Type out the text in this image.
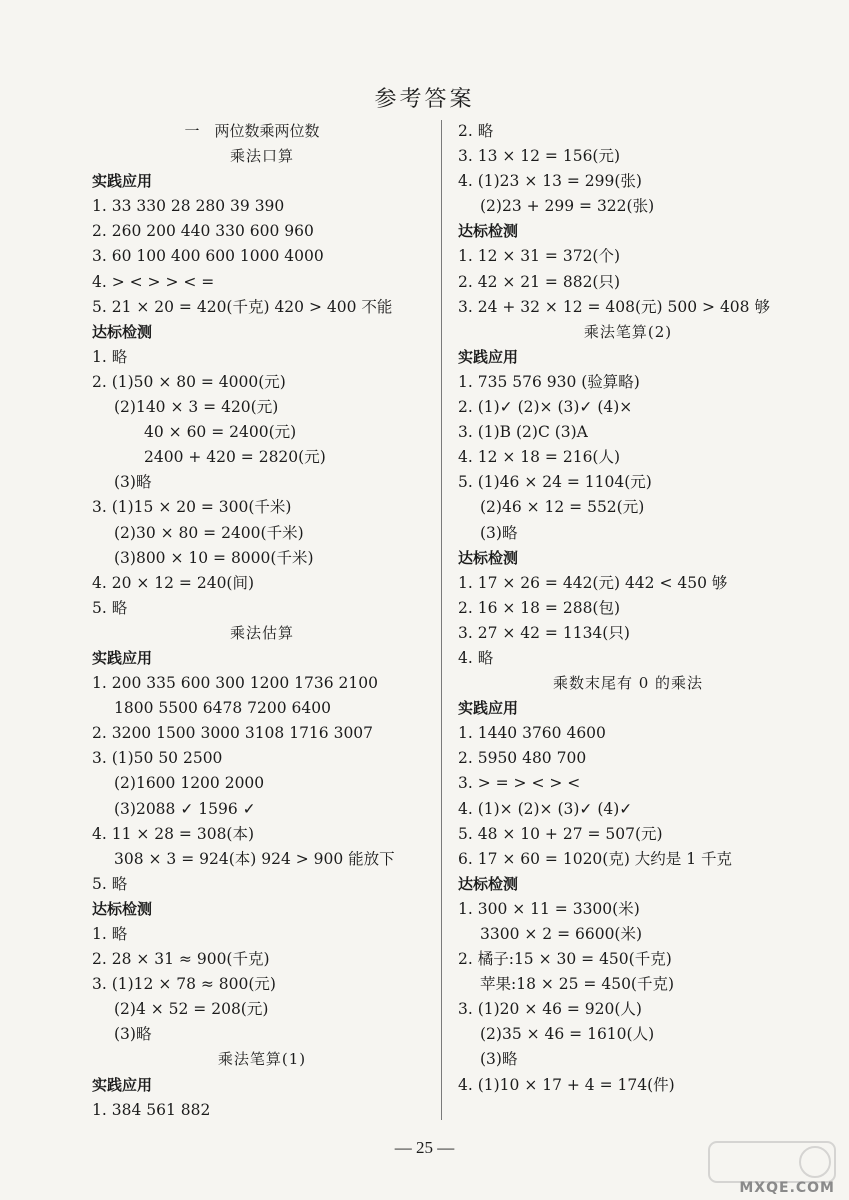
参考答案
一　两位数乘两位数
乘法口算
实践应用
1. 33 330 28 280 39 390
2. 260 200 440 330 600 960
3. 60 100 400 600 1000 4000
4. > < > > < =
5. 21 × 20 = 420(千克) 420 > 400 不能
达标检测
1. 略
2. (1)50 × 80 = 4000(元)
(2)140 × 3 = 420(元)
40 × 60 = 2400(元)
2400 + 420 = 2820(元)
(3)略
3. (1)15 × 20 = 300(千米)
(2)30 × 80 = 2400(千米)
(3)800 × 10 = 8000(千米)
4. 20 × 12 = 240(间)
5. 略
乘法估算
实践应用
1. 200 335 600 300 1200 1736 2100
1800 5500 6478 7200 6400
2. 3200 1500 3000 3108 1716 3007
3. (1)50 50 2500
(2)1600 1200 2000
(3)2088 ✓ 1596 ✓
4. 11 × 28 = 308(本)
308 × 3 = 924(本) 924 > 900 能放下
5. 略
达标检测
1. 略
2. 28 × 31 ≈ 900(千克)
3. (1)12 × 78 ≈ 800(元)
(2)4 × 52 = 208(元)
(3)略
乘法笔算(1)
实践应用
1. 384 561 882
2. 略
3. 13 × 12 = 156(元)
4. (1)23 × 13 = 299(张)
(2)23 + 299 = 322(张)
达标检测
1. 12 × 31 = 372(个)
2. 42 × 21 = 882(只)
3. 24 + 32 × 12 = 408(元) 500 > 408 够
乘法笔算(2)
实践应用
1. 735 576 930 (验算略)
2. (1)✓ (2)× (3)✓ (4)×
3. (1)B (2)C (3)A
4. 12 × 18 = 216(人)
5. (1)46 × 24 = 1104(元)
(2)46 × 12 = 552(元)
(3)略
达标检测
1. 17 × 26 = 442(元) 442 < 450 够
2. 16 × 18 = 288(包)
3. 27 × 42 = 1134(只)
4. 略
乘数末尾有 0 的乘法
实践应用
1. 1440 3760 4600
2. 5950 480 700
3. > = > < > <
4. (1)× (2)× (3)✓ (4)✓
5. 48 × 10 + 27 = 507(元)
6. 17 × 60 = 1020(克) 大约是 1 千克
达标检测
1. 300 × 11 = 3300(米)
3300 × 2 = 6600(米)
2. 橘子:15 × 30 = 450(千克)
苹果:18 × 25 = 450(千克)
3. (1)20 × 46 = 920(人)
(2)35 × 46 = 1610(人)
(3)略
4. (1)10 × 17 + 4 = 174(件)
— 25 —
MXQE.COM
